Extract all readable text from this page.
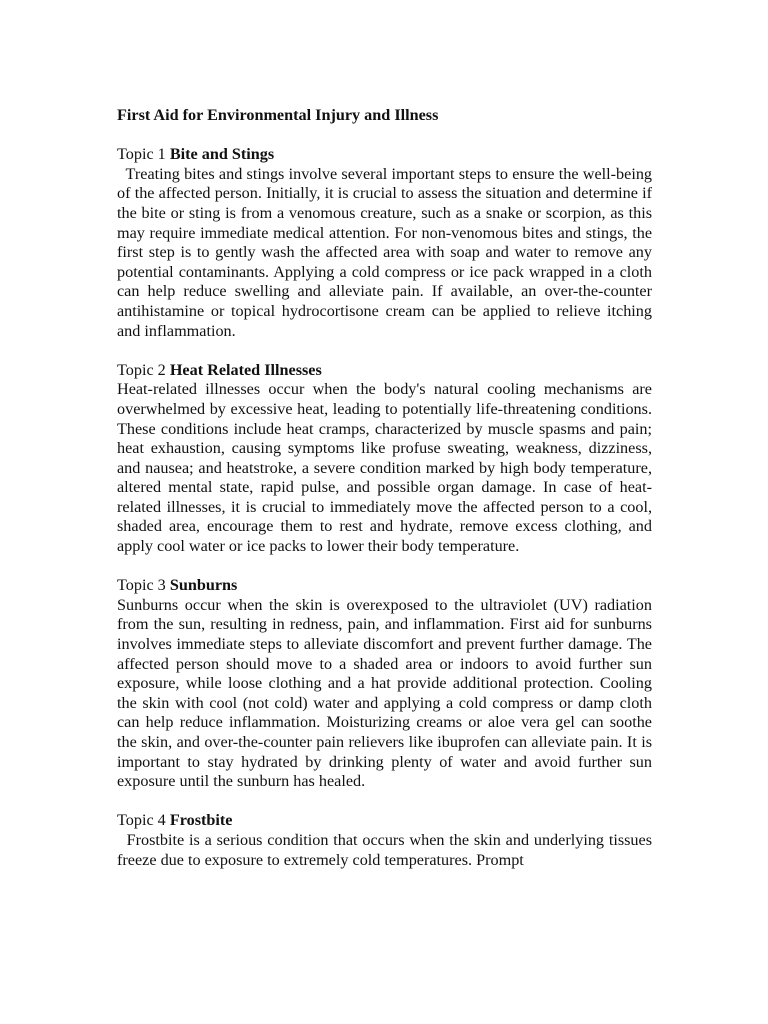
First Aid for Environmental Injury and Illness

Topic 1 Bite and Stings

Treating bites and stings involve several important steps to ensure the well-being of the affected person. Initially, it is crucial to assess the situation and determine if the bite or sting is from a venomous creature, such as a snake or scorpion, as this may require immediate medical attention. For non-venomous bites and stings, the first step is to gently wash the affected area with soap and water to remove any potential contaminants. Applying a cold compress or ice pack wrapped in a cloth can help reduce swelling and alleviate pain. If available, an over-the-counter antihistamine or topical hydrocortisone cream can be applied to relieve itching and inflammation.

Topic 2 Heat Related Illnesses

Heat-related illnesses occur when the body's natural cooling mechanisms are overwhelmed by excessive heat, leading to potentially life-threatening conditions. These conditions include heat cramps, characterized by muscle spasms and pain; heat exhaustion, causing symptoms like profuse sweating, weakness, dizziness, and nausea; and heatstroke, a severe condition marked by high body temperature, altered mental state, rapid pulse, and possible organ damage. In case of heat-related illnesses, it is crucial to immediately move the affected person to a cool, shaded area, encourage them to rest and hydrate, remove excess clothing, and apply cool water or ice packs to lower their body temperature.

Topic 3 Sunburns

Sunburns occur when the skin is overexposed to the ultraviolet (UV) radiation from the sun, resulting in redness, pain, and inflammation. First aid for sunburns involves immediate steps to alleviate discomfort and prevent further damage. The affected person should move to a shaded area or indoors to avoid further sun exposure, while loose clothing and a hat provide additional protection. Cooling the skin with cool (not cold) water and applying a cold compress or damp cloth can help reduce inflammation. Moisturizing creams or aloe vera gel can soothe the skin, and over-the-counter pain relievers like ibuprofen can alleviate pain. It is important to stay hydrated by drinking plenty of water and avoid further sun exposure until the sunburn has healed.

Topic 4 Frostbite

Frostbite is a serious condition that occurs when the skin and underlying tissues freeze due to exposure to extremely cold temperatures. Prompt
